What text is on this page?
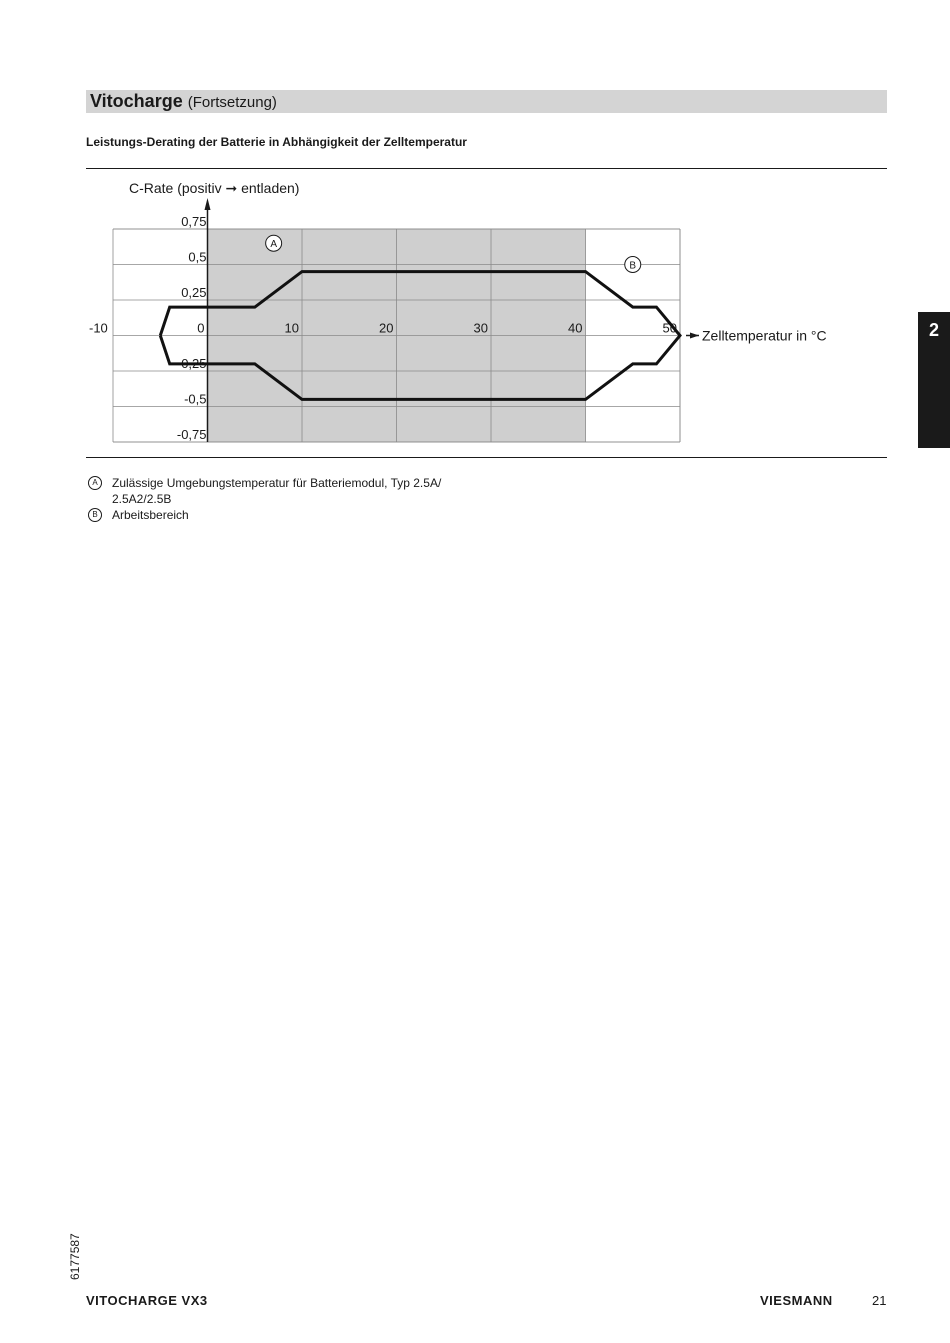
Vitocharge (Fortsetzung)
Leistungs-Derating der Batterie in Abhängigkeit der Zelltemperatur
2
C-Rate (positiv ➞ entladen)
Zelltemperatur in °C
0,75
0,5
0,25
-0,25
-0,5
-0,75
-10	0	10	20	30	40	50
A
B
A	Zulässige Umgebungstemperatur für Batteriemodul, Typ 2.5A/
2.5A2/2.5B
B	Arbeitsbereich
6177587
VITOCHARGE VX3	VIESMANN	21
